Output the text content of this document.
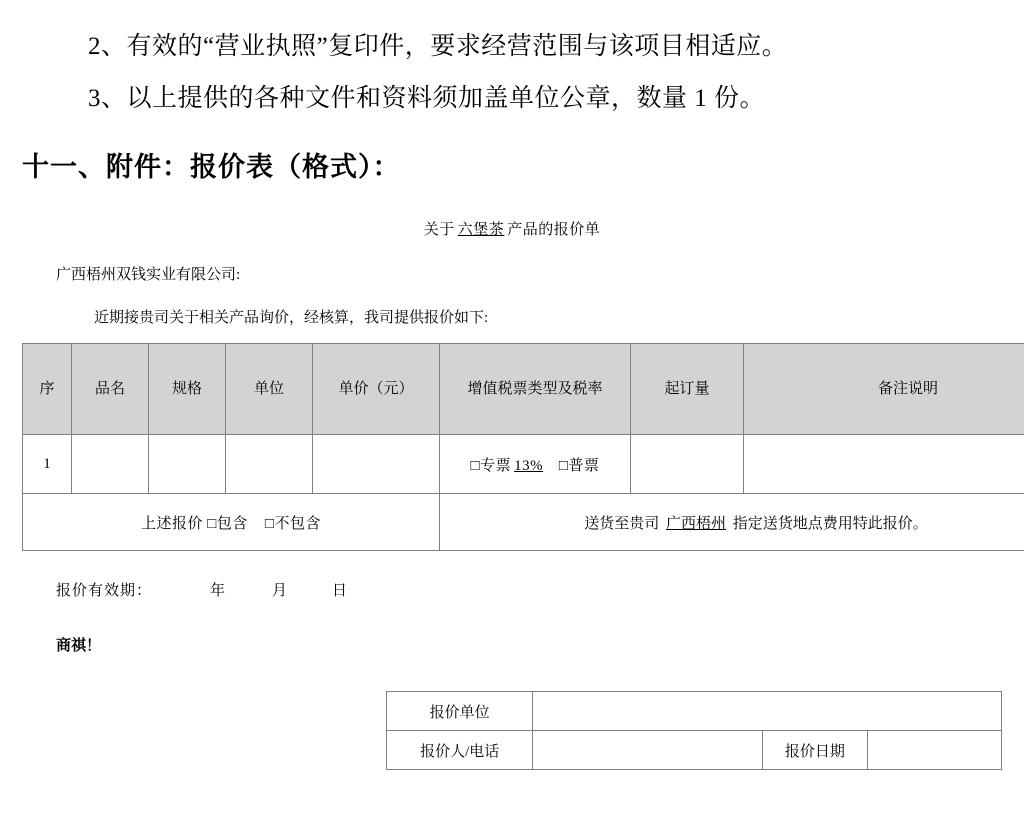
2、有效的“营业执照”复印件，要求经营范围与该项目相适应。

3、以上提供的各种文件和资料须加盖单位公章，数量 1 份。

十一、附件：报价表（格式）：
关于 六堡茶 产品的报价单
广西梧州双钱实业有限公司:
近期接贵司关于相关产品询价，经核算，我司提供报价如下:
序	品名	规格	单位	单价（元）	增值税票类型及税率	起订量	备注说明
1					□专票 13% □普票		
上述报价 □包含 □不包含					送货至贵司 广西梧州 指定送货地点费用特此报价。		
报价有效期：	年	月	日
商祺！
报价单位			
报价人/电话		报价日期	
